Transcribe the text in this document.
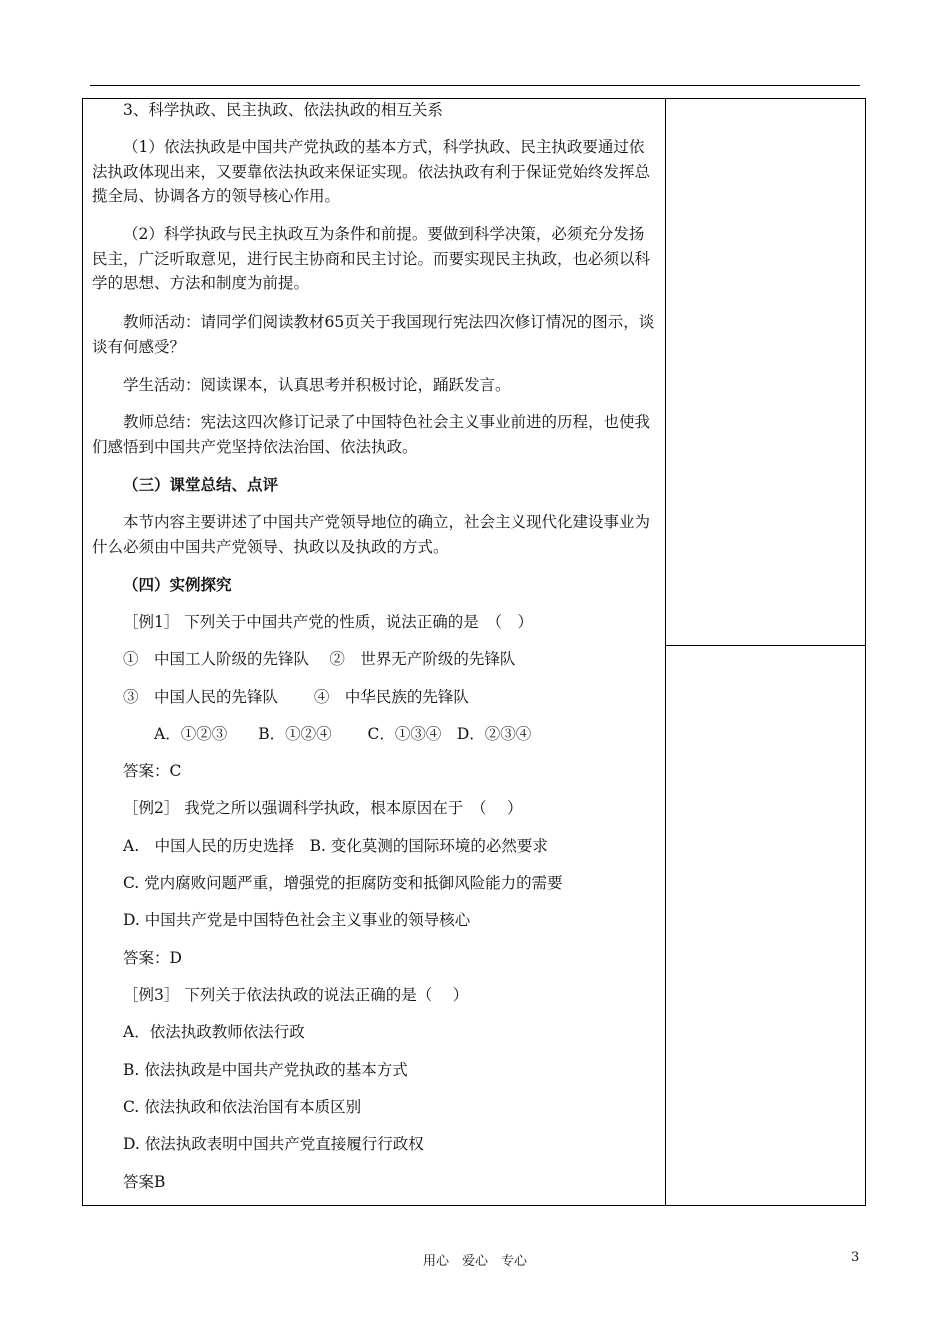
3、科学执政、民主执政、依法执政的相互关系
（1）依法执政是中国共产党执政的基本方式，科学执政、民主执政要通过依法执政体现出来，又要靠依法执政来保证实现。依法执政有利于保证党始终发挥总揽全局、协调各方的领导核心作用。
（2）科学执政与民主执政互为条件和前提。要做到科学决策，必须充分发扬民主，广泛听取意见，进行民主协商和民主讨论。而要实现民主执政，也必须以科学的思想、方法和制度为前提。
教师活动：请同学们阅读教材65页关于我国现行宪法四次修订情况的图示，谈谈有何感受？
学生活动：阅读课本，认真思考并积极讨论，踊跃发言。
教师总结：宪法这四次修订记录了中国特色社会主义事业前进的历程，也使我们感悟到中国共产党坚持依法治国、依法执政。
（三）课堂总结、点评
本节内容主要讲述了中国共产党领导地位的确立，社会主义现代化建设事业为什么必须由中国共产党领导、执政以及执政的方式。
（四）实例探究
［例1］ 下列关于中国共产党的性质，说法正确的是　（　）
①　中国工人阶级的先锋队　 ②　世界无产阶级的先锋队
③　中国人民的先锋队　 　④　中华民族的先锋队
A．①②③　　B．①②④　　 C．①③④　D．②③④
答案：C
［例2］ 我党之所以强调科学执政，根本原因在于　（　 ）
A.　中国人民的历史选择　B. 变化莫测的国际环境的必然要求
C. 党内腐败问题严重，增强党的拒腐防变和抵御风险能力的需要
D. 中国共产党是中国特色社会主义事业的领导核心
答案：D
［例3］ 下列关于依法执政的说法正确的是（　 ）
A．依法执政教师依法行政
B. 依法执政是中国共产党执政的基本方式
C. 依法执政和依法治国有本质区别
D. 依法执政表明中国共产党直接履行行政权
答案B
用心　爱心　专心	3
